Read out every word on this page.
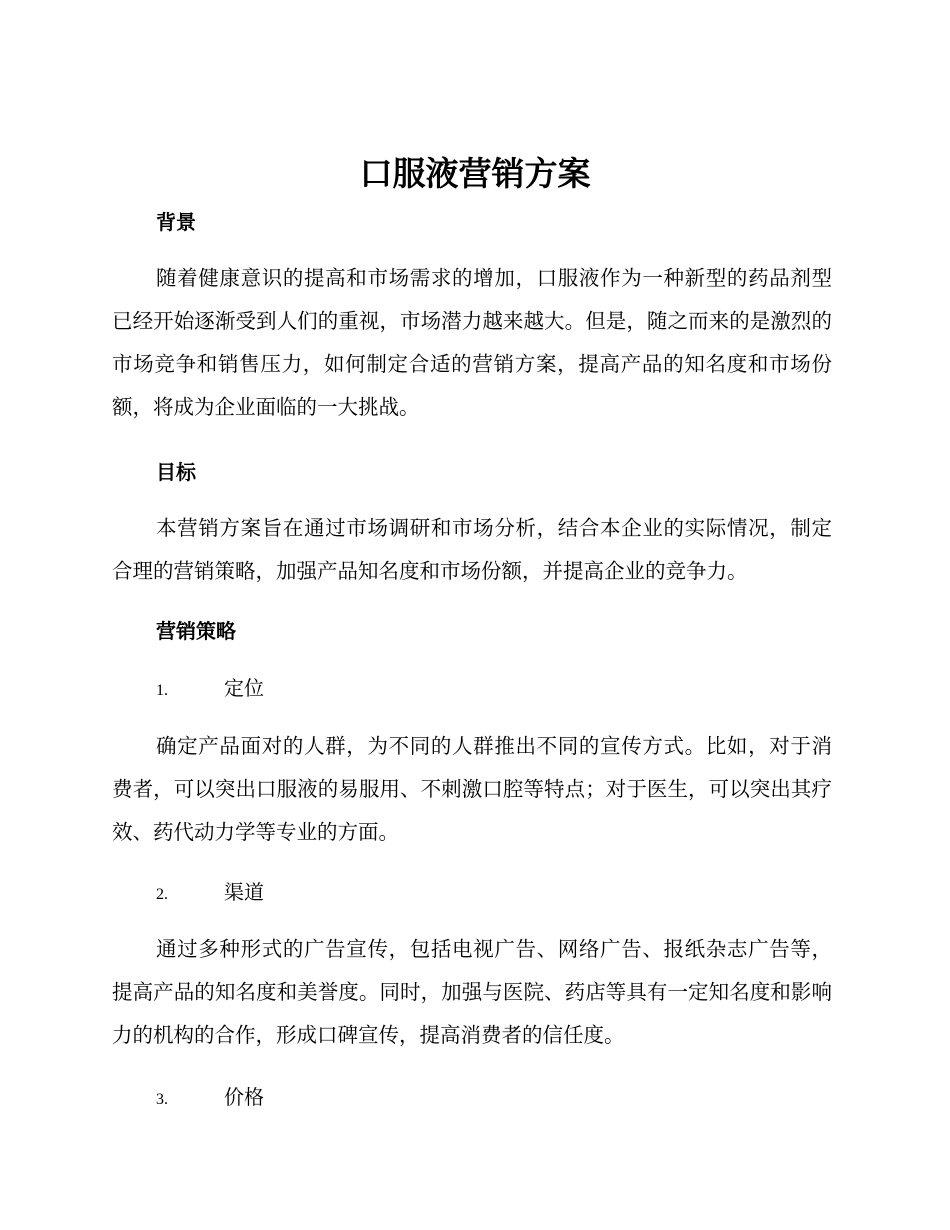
口服液营销方案
背景

随着健康意识的提高和市场需求的增加，口服液作为一种新型的药品剂型已经开始逐渐受到人们的重视，市场潜力越来越大。但是，随之而来的是激烈的市场竞争和销售压力，如何制定合适的营销方案，提高产品的知名度和市场份额，将成为企业面临的一大挑战。

目标

本营销方案旨在通过市场调研和市场分析，结合本企业的实际情况，制定合理的营销策略，加强产品知名度和市场份额，并提高企业的竞争力。

营销策略
1.	定位

确定产品面对的人群，为不同的人群推出不同的宣传方式。比如，对于消费者，可以突出口服液的易服用、不刺激口腔等特点；对于医生，可以突出其疗效、药代动力学等专业的方面。

2.	渠道

通过多种形式的广告宣传，包括电视广告、网络广告、报纸杂志广告等，提高产品的知名度和美誉度。同时，加强与医院、药店等具有一定知名度和影响力的机构的合作，形成口碑宣传，提高消费者的信任度。

3.	价格
